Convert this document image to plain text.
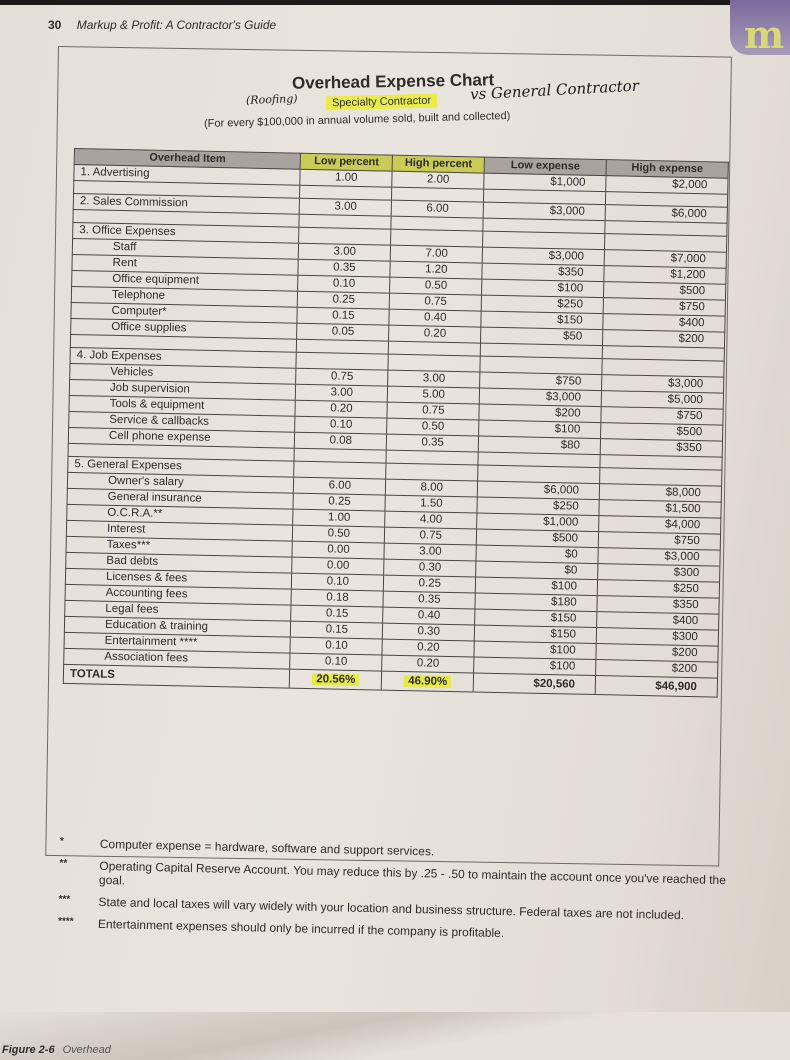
m
30 Markup & Profit: A Contractor's Guide
Overhead Expense Chart
(Roofing)	Specialty Contractor	vs General Contractor
(For every $100,000 in annual volume sold, built and collected)
Overhead Item	Low percent	High percent	Low expense	High expense
1. Advertising	1.00	2.00	$1,000	$2,000

2. Sales Commission	3.00	6.00	$3,000	$6,000

3. Office Expenses				
Staff	3.00	7.00	$3,000	$7,000
Rent	0.35	1.20	$350	$1,200
Office equipment	0.10	0.50	$100	$500
Telephone	0.25	0.75	$250	$750
Computer*	0.15	0.40	$150	$400
Office supplies	0.05	0.20	$50	$200

4. Job Expenses				
Vehicles	0.75	3.00	$750	$3,000
Job supervision	3.00	5.00	$3,000	$5,000
Tools & equipment	0.20	0.75	$200	$750
Service & callbacks	0.10	0.50	$100	$500
Cell phone expense	0.08	0.35	$80	$350

5. General Expenses				
Owner's salary	6.00	8.00	$6,000	$8,000
General insurance	0.25	1.50	$250	$1,500
O.C.R.A.**	1.00	4.00	$1,000	$4,000
Interest	0.50	0.75	$500	$750
Taxes***	0.00	3.00	$0	$3,000
Bad debts	0.00	0.30	$0	$300
Licenses & fees	0.10	0.25	$100	$250
Accounting fees	0.18	0.35	$180	$350
Legal fees	0.15	0.40	$150	$400
Education & training	0.15	0.30	$150	$300
Entertainment ****	0.10	0.20	$100	$200
Association fees	0.10	0.20	$100	$200
TOTALS	20.56%	46.90%	$20,560	$46,900
*	Computer expense = hardware, software and support services.
**	Operating Capital Reserve Account. You may reduce this by .25 - .50 to maintain the account once you've reached the goal.
*** State and local taxes will vary widely with your location and business structure. Federal taxes are not included.
**** Entertainment expenses should only be incurred if the company is profitable.
Figure 2-6 Overhead
